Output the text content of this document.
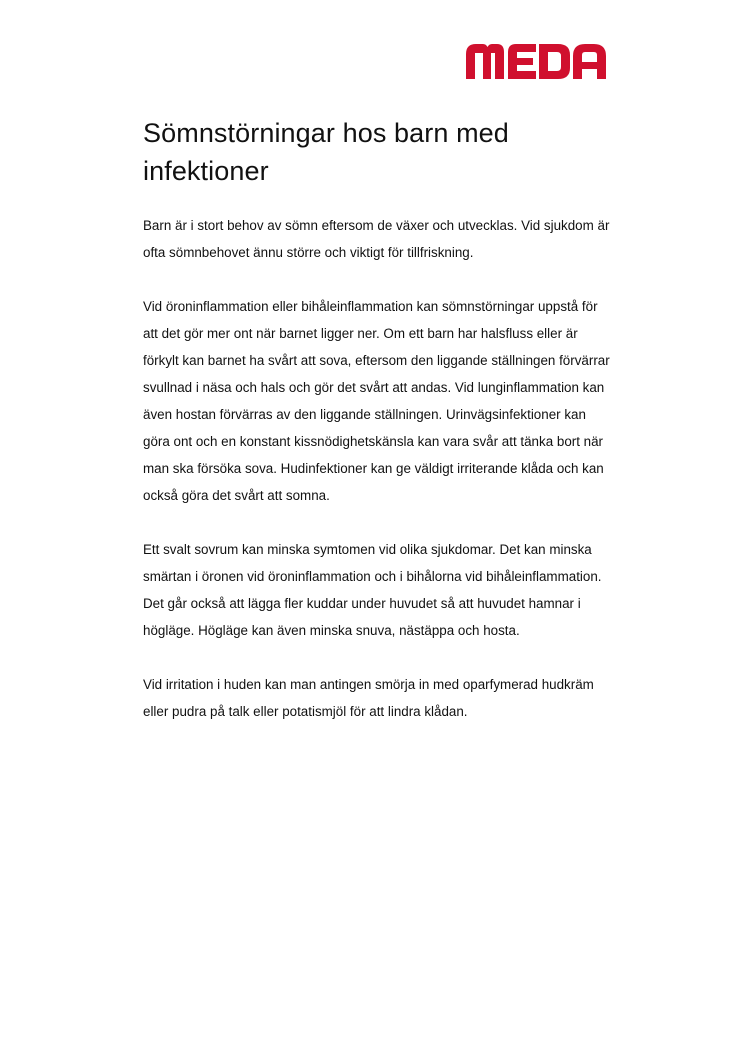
Sömnstörningar hos barn med infektioner

Barn är i stort behov av sömn eftersom de växer och utvecklas. Vid sjukdom är ofta sömnbehovet ännu större och viktigt för tillfriskning.

Vid öroninflammation eller bihåleinflammation kan sömnstörningar uppstå för att det gör mer ont när barnet ligger ner. Om ett barn har halsfluss eller är förkylt kan barnet ha svårt att sova, eftersom den liggande ställningen förvärrar svullnad i näsa och hals och gör det svårt att andas. Vid lunginflammation kan även hostan förvärras av den liggande ställningen. Urinvägsinfektioner kan göra ont och en konstant kissnödighetskänsla kan vara svår att tänka bort när man ska försöka sova. Hudinfektioner kan ge väldigt irriterande klåda och kan också göra det svårt att somna.

Ett svalt sovrum kan minska symtomen vid olika sjukdomar. Det kan minska smärtan i öronen vid öroninflammation och i bihålorna vid bihåleinflammation. Det går också att lägga fler kuddar under huvudet så att huvudet hamnar i högläge. Högläge kan även minska snuva, nästäppa och hosta.

Vid irritation i huden kan man antingen smörja in med oparfymerad hudkräm eller pudra på talk eller potatismjöl för att lindra klådan.
